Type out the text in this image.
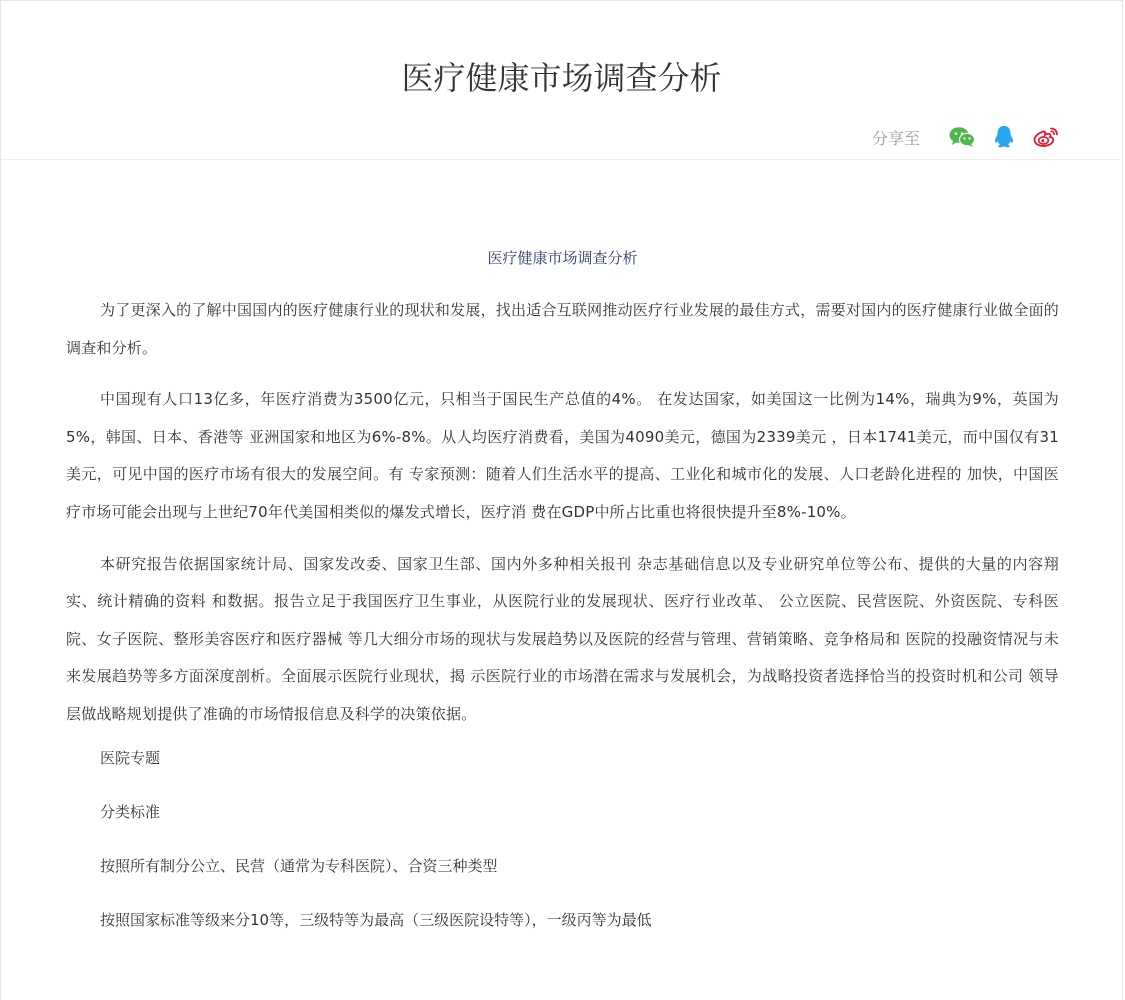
医疗健康市场调查分析
分享至
医疗健康市场调查分析

为了更深入的了解中国国内的医疗健康行业的现状和发展，找出适合互联网推动医疗行业发展的最佳方式，需要对国内的医疗健康行业做全面的调查和分析。

中国现有人口13亿多，年医疗消费为3500亿元，只相当于国民生产总值的4%。 在发达国家，如美国这一比例为14%，瑞典为9%，英国为5%，韩国、日本、香港等 亚洲国家和地区为6%-8%。从人均医疗消费看，美国为4090美元，德国为2339美元 ，日本1741美元，而中国仅有31美元，可见中国的医疗市场有很大的发展空间。有 专家预测：随着人们生活水平的提高、工业化和城市化的发展、人口老龄化进程的 加快，中国医疗市场可能会出现与上世纪70年代美国相类似的爆发式增长，医疗消 费在GDP中所占比重也将很快提升至8%-10%。

本研究报告依据国家统计局、国家发改委、国家卫生部、国内外多种相关报刊 杂志基础信息以及专业研究单位等公布、提供的大量的内容翔实、统计精确的资料 和数据。报告立足于我国医疗卫生事业，从医院行业的发展现状、医疗行业改革、 公立医院、民营医院、外资医院、专科医院、女子医院、整形美容医疗和医疗器械 等几大细分市场的现状与发展趋势以及医院的经营与管理、营销策略、竞争格局和 医院的投融资情况与未来发展趋势等多方面深度剖析。全面展示医院行业现状，揭 示医院行业的市场潜在需求与发展机会，为战略投资者选择恰当的投资时机和公司 领导层做战略规划提供了准确的市场情报信息及科学的决策依据。

医院专题
分类标准
按照所有制分公立、民营（通常为专科医院）、合资三种类型
按照国家标准等级来分10等，三级特等为最高（三级医院设特等），一级丙等为最低
